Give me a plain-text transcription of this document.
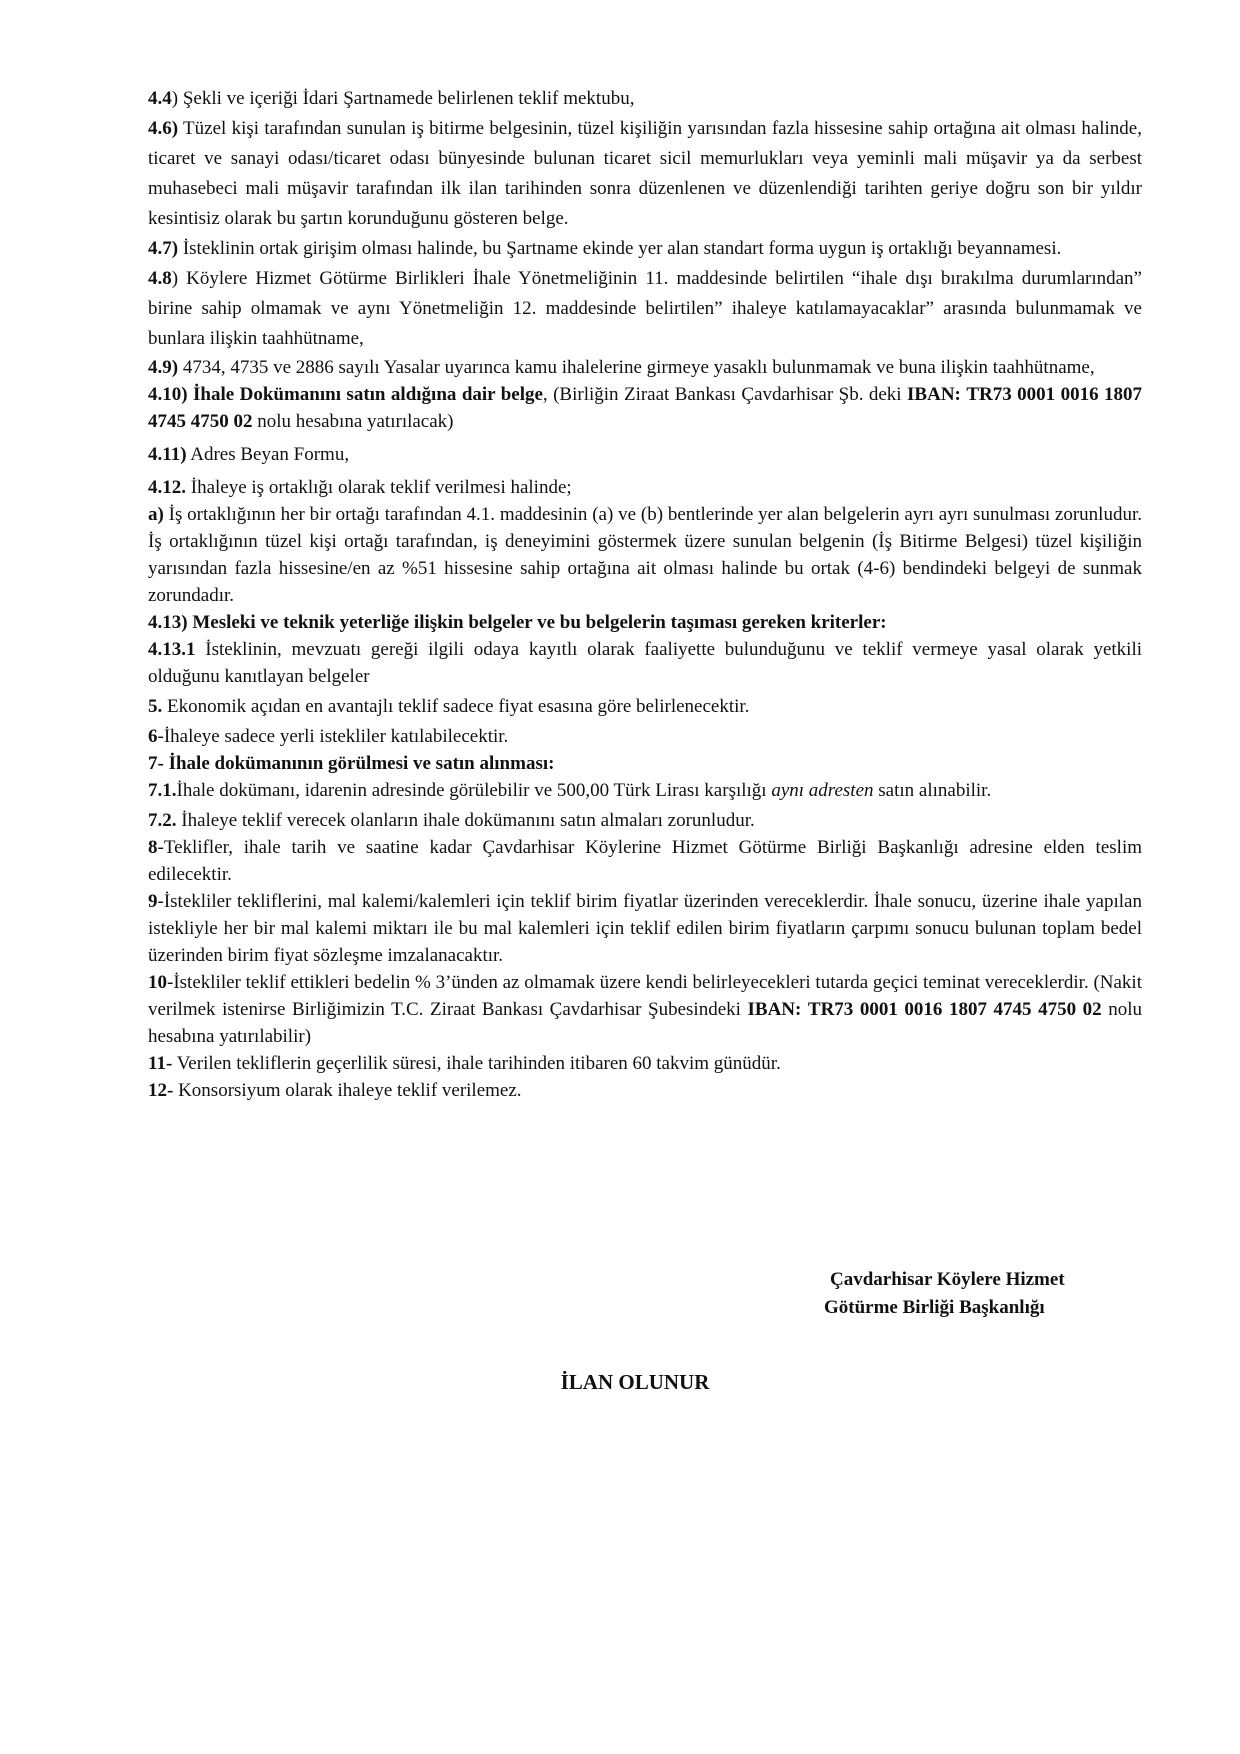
4.4) Şekli ve içeriği İdari Şartnamede belirlenen teklif mektubu,

4.6) Tüzel kişi tarafından sunulan iş bitirme belgesinin, tüzel kişiliğin yarısından fazla hissesine sahip ortağına ait olması halinde, ticaret ve sanayi odası/ticaret odası bünyesinde bulunan ticaret sicil memurlukları veya yeminli mali müşavir ya da serbest muhasebeci mali müşavir tarafından ilk ilan tarihinden sonra düzenlenen ve düzenlendiği tarihten geriye doğru son bir yıldır kesintisiz olarak bu şartın korunduğunu gösteren belge.

4.7) İsteklinin ortak girişim olması halinde, bu Şartname ekinde yer alan standart forma uygun iş ortaklığı beyannamesi.

4.8) Köylere Hizmet Götürme Birlikleri İhale Yönetmeliğinin 11. maddesinde belirtilen “ihale dışı bırakılma durumlarından” birine sahip olmamak ve aynı Yönetmeliğin 12. maddesinde belirtilen” ihaleye katılamayacaklar” arasında bulunmamak ve bunlara ilişkin taahhütname,

4.9) 4734, 4735 ve 2886 sayılı Yasalar uyarınca kamu ihalelerine girmeye yasaklı bulunmamak ve buna ilişkin taahhütname,

4.10) İhale Dokümanını satın aldığına dair belge, (Birliğin Ziraat Bankası Çavdarhisar Şb. deki IBAN: TR73 0001 0016 1807 4745 4750 02 nolu hesabına yatırılacak)

4.11) Adres Beyan Formu,

4.12. İhaleye iş ortaklığı olarak teklif verilmesi halinde;

a) İş ortaklığının her bir ortağı tarafından 4.1. maddesinin (a) ve (b) bentlerinde yer alan belgelerin ayrı ayrı sunulması zorunludur. İş ortaklığının tüzel kişi ortağı tarafından, iş deneyimini göstermek üzere sunulan belgenin (İş Bitirme Belgesi) tüzel kişiliğin yarısından fazla hissesine/en az %51 hissesine sahip ortağına ait olması halinde bu ortak (4-6) bendindeki belgeyi de sunmak zorundadır.

4.13) Mesleki ve teknik yeterliğe ilişkin belgeler ve bu belgelerin taşıması gereken kriterler:

4.13.1 İsteklinin, mevzuatı gereği ilgili odaya kayıtlı olarak faaliyette bulunduğunu ve teklif vermeye yasal olarak yetkili olduğunu kanıtlayan belgeler

5. Ekonomik açıdan en avantajlı teklif sadece fiyat esasına göre belirlenecektir.

6-İhaleye sadece yerli istekliler katılabilecektir.

7- İhale dokümanının görülmesi ve satın alınması:

7.1.İhale dokümanı, idarenin adresinde görülebilir ve 500,00 Türk Lirası karşılığı aynı adresten satın alınabilir.

7.2. İhaleye teklif verecek olanların ihale dokümanını satın almaları zorunludur.

8-Teklifler, ihale tarih ve saatine kadar Çavdarhisar Köylerine Hizmet Götürme Birliği Başkanlığı adresine elden teslim edilecektir.

9-İstekliler tekliflerini, mal kalemi/kalemleri için teklif birim fiyatlar üzerinden vereceklerdir. İhale sonucu, üzerine ihale yapılan istekliyle her bir mal kalemi miktarı ile bu mal kalemleri için teklif edilen birim fiyatların çarpımı sonucu bulunan toplam bedel üzerinden birim fiyat sözleşme imzalanacaktır.

10-İstekliler teklif ettikleri bedelin % 3’ünden az olmamak üzere kendi belirleyecekleri tutarda geçici teminat vereceklerdir. (Nakit verilmek istenirse Birliğimizin T.C. Ziraat Bankası Çavdarhisar Şubesindeki IBAN: TR73 0001 0016 1807 4745 4750 02 nolu hesabına yatırılabilir)

11- Verilen tekliflerin geçerlilik süresi, ihale tarihinden itibaren 60 takvim günüdür.

12- Konsorsiyum olarak ihaleye teklif verilemez.

Çavdarhisar Köylere Hizmet
Götürme Birliği Başkanlığı
İLAN OLUNUR
